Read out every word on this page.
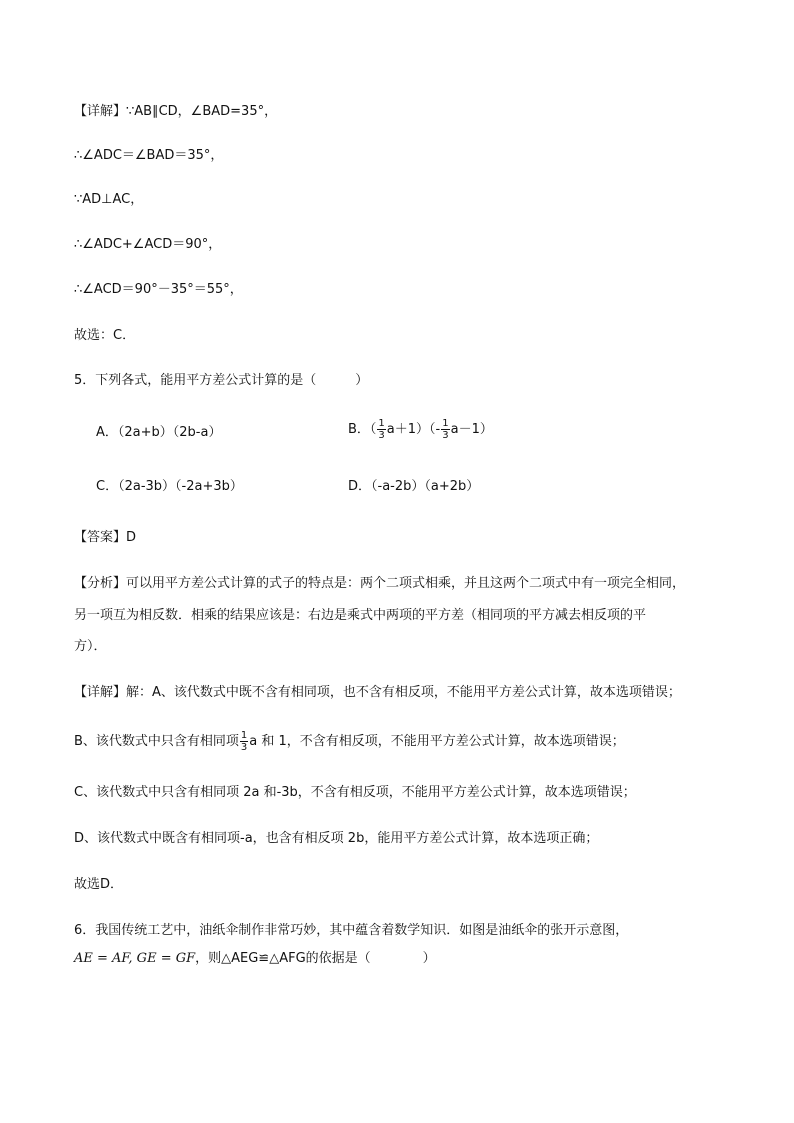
【详解】∵AB∥CD，∠BAD=35°，
∴∠ADC＝∠BAD＝35°，
∵AD⊥AC，
∴∠ADC+∠ACD＝90°，
∴∠ACD＝90°－35°＝55°，
故选：C．
5．下列各式，能用平方差公式计算的是（　　　）
A．（2a+b）（2b-a）	B．（ $\frac{1}{3} a+1)(- \frac{1}{3} a-1)$
C．（2a-3b）（-2a+3b）	D．（-a-2b）（a+2b）
【答案】D
【分析】可以用平方差公式计算的式子的特点是：两个二项式相乘，并且这两个二项式中有一项完全相同，
另一项互为相反数．相乘的结果应该是：右边是乘式中两项的平方差（相同项的平方减去相反项的平
方）．
【详解】解：A、该代数式中既不含有相同项，也不含有相反项，不能用平方差公式计算，故本选项错误；
B、该代数式中只含有相同项 $\frac{1}{3}$ a 和 1，不含有相反项，不能用平方差公式计算，故本选项错误；
C、该代数式中只含有相同项 2a 和-3b，不含有相反项，不能用平方差公式计算，故本选项错误；
D、该代数式中既含有相同项-a，也含有相反项 2b，能用平方差公式计算，故本选项正确；
故选D．
6．我国传统工艺中，油纸伞制作非常巧妙，其中蕴含着数学知识．如图是油纸伞的张开示意图，
AE = AF, GE = GF，则△AEG≌△AFG的依据是（　　　　）
